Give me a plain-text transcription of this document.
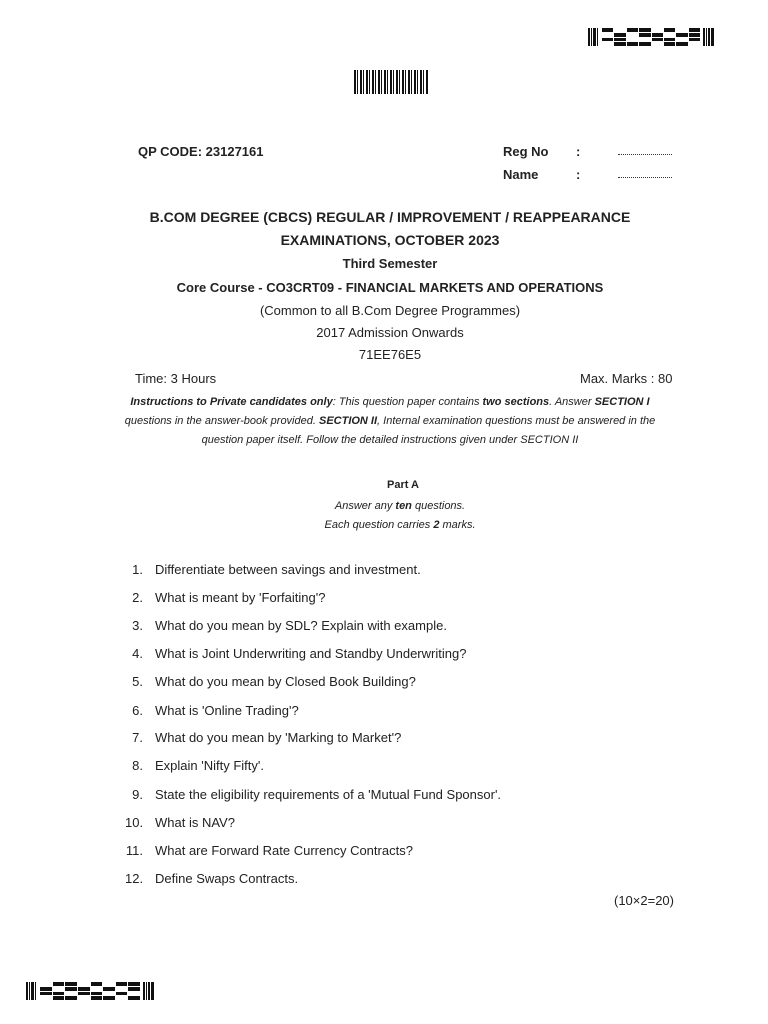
QP CODE: 23127161	Reg No :
Name	:
B.COM DEGREE (CBCS) REGULAR / IMPROVEMENT / REAPPEARANCE
EXAMINATIONS, OCTOBER 2023
Third Semester
Core Course - CO3CRT09 - FINANCIAL MARKETS AND OPERATIONS
(Common to all B.Com Degree Programmes)
2017 Admission Onwards
71EE76E5
Time: 3 Hours	Max. Marks : 80
Instructions to Private candidates only: This question paper contains two sections. Answer SECTION I
questions in the answer-book provided. SECTION II, Internal examination questions must be answered in the
question paper itself. Follow the detailed instructions given under SECTION II
Part A
Answer any ten questions.
Each question carries 2 marks.
1. Differentiate between savings and investment.
2. What is meant by 'Forfaiting'?
3. What do you mean by SDL? Explain with example.
4. What is Joint Underwriting and Standby Underwriting?
5. What do you mean by Closed Book Building?
6. What is 'Online Trading'?
7. What do you mean by 'Marking to Market'?
8. Explain 'Nifty Fifty'.
9. State the eligibility requirements of a 'Mutual Fund Sponsor'.
10. What is NAV?
11. What are Forward Rate Currency Contracts?
12. Define Swaps Contracts.
(10×2=20)
